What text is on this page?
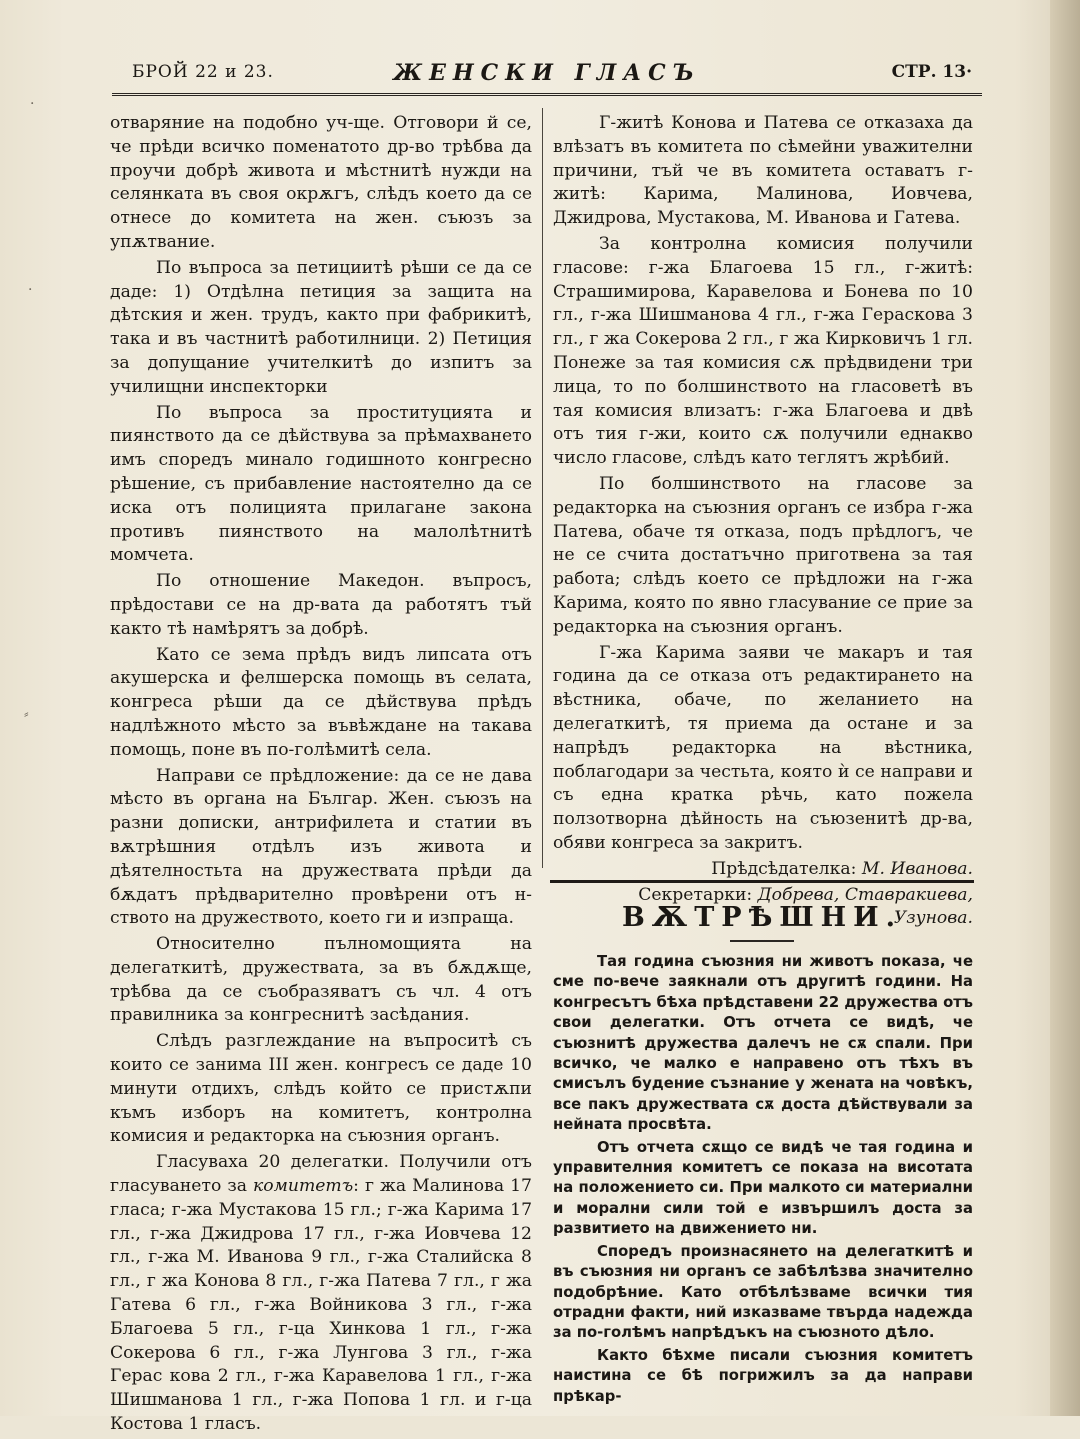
БРОЙ 22 и 23.	ЖЕНСКИ ГЛАСЪ	СТР. 13·

отваряние на подобно уч-ще. Отговори й се, че прѣди всичко поменатото др-во трѣбва да проучи добрѣ живота и мѣстнитѣ нужди на селянката въ своя окрѫгъ, слѣдъ което да се отнесе до комитета на жен. съюзъ за упѫтвание.

По въпроса за петициитѣ рѣши се да се даде: 1) Отдѣлна петиция за защита на дѣтския и жен. трудъ, както при фабрикитѣ, така и въ частнитѣ работилници. 2) Петиция за допущание учителкитѣ до изпитъ за училищни инспекторки

По въпроса за проституцията и пиянството да се дѣйствува за прѣмахването имъ споредъ минало годишното конгресно рѣшение, съ прибавление настоятелно да се иска отъ полицията прилагане закона противъ пиянството на малолѣтнитѣ момчета.

По отношение Македон. въпросъ, прѣдостави се на др-вата да работятъ тъй както тѣ намѣрятъ за добрѣ.

Като се зема прѣдъ видъ липсата отъ акушерска и фелшерска помощь въ селата, конгреса рѣши да се дѣйствува прѣдъ надлѣжното мѣсто за въвѣждане на такава помощь, поне въ по-голѣмитѣ села.

Направи се прѣдложение: да се не дава мѣсто въ органа на Българ. Жен. съюзъ на разни дописки, антрифилета и статии въ вѫтрѣшния отдѣлъ изъ живота и дѣятелностьта на дружествата прѣди да бѫдатъ прѣдварително провѣрени отъ н-ството на дружеството, което ги и изпраща.

Относително пълномощията на делегаткитѣ, дружествата, за въ бѫдѫще, трѣбва да се съобразяватъ съ чл. 4 отъ правилника за конгреснитѣ засѣдания.

Слѣдъ разглеждание на въпроситѣ съ които се занима III жен. конгресъ се даде 10 минути отдихъ, слѣдъ който се пристѫпи къмъ изборъ на комитетъ, контролна комисия и редакторка на съюзния органъ.

Гласуваха 20 делегатки. Получили отъ гласуването за комитетъ: г жа Малинова 17 гласа; г-жа Мустакова 15 гл.; г-жа Карима 17 гл., г-жа Джидрова 17 гл., г-жа Иовчева 12 гл., г-жа М. Иванова 9 гл., г-жа Сталийска 8 гл., г жа Конова 8 гл., г-жа Патева 7 гл., г жа Гатева 6 гл., г-жа Войникова 3 гл., г-жа Благоева 5 гл., г-ца Хинкова 1 гл., г-жа Сокерова 6 гл., г-жа Лунгова 3 гл., г-жа Герас кова 2 гл., г-жа Каравелова 1 гл., г-жа Шишманова 1 гл., г-жа Попова 1 гл. и г-ца Костова 1 гласъ.

Г-житѣ Конова и Патева се отказаха да влѣзатъ въ комитета по сѣмейни уважителни причини, тъй че въ комитета оставатъ г-житѣ: Карима, Малинова, Иовчева, Джидрова, Мустакова, М. Иванова и Гатева.

За контролна комисия получили гласове: г-жа Благоева 15 гл., г-житѣ: Страшимирова, Каравелова и Бонева по 10 гл., г-жа Шишманова 4 гл., г-жа Гераскова 3 гл., г жа Сокерова 2 гл., г жа Кирковичъ 1 гл. Понеже за тая комисия сѫ прѣдвидени три лица, то по болшинството на гласоветѣ въ тая комисия влизатъ: г-жа Благоева и двѣ отъ тия г-жи, които сѫ получили еднакво число гласове, слѣдъ като теглятъ жрѣбий.

По болшинството на гласове за редакторка на съюзния органъ се избра г-жа Патева, обаче тя отказа, подъ прѣдлогъ, че не се счита достатъчно приготвена за тая работа; слѣдъ което се прѣдложи на г-жа Карима, която по явно гласувание се прие за редакторка на съюзния органъ.

Г-жа Карима заяви че макаръ и тая година да се отказа отъ редактирането на вѣстника, обаче, по желанието на делегаткитѣ, тя приема да остане и за напрѣдъ редакторка на вѣстника, поблагодари за честьта, която ѝ се направи и съ една кратка рѣчь, като пожела ползотворна дѣйность на съюзенитѣ др-ва, обяви конгреса за закритъ.

Прѣдсѣдателка: М. Иванова.

Секретарки: Добрева, Ставракиева, Узунова.

ВѪТРѢШНИ.

Тая година съюзния ни животъ показа, че сме по-вече заякнали отъ другитѣ години. На конгресътъ бѣха прѣдставени 22 дружества отъ свои делегатки. Отъ отчета се видѣ, че съюзнитѣ дружества далечъ не сѫ спали. При всичко, че малко е направено отъ тѣхъ въ смисълъ будение съзнание у жената на човѣкъ, все пакъ дружествата сѫ доста дѣйствували за нейната просвѣта.

Отъ отчета сѫщо се видѣ че тая година и управителния комитетъ се показа на висотата на положението си. При малкото си материални и морални сили той е извършилъ доста за развитието на движението ни.

Споредъ произнасянето на делегаткитѣ и въ съюзния ни органъ се забѣлѣзва значително подобрѣние. Като отбѣлѣзваме всички тия отрадни факти, ний изказваме твърда надежда за по-голѣмъ напрѣдъкъ на съюзното дѣло.

Както бѣхме писали съюзния комитетъ наистина се бѣ погрижилъ за да направи прѣкар-

·
·
⸗
